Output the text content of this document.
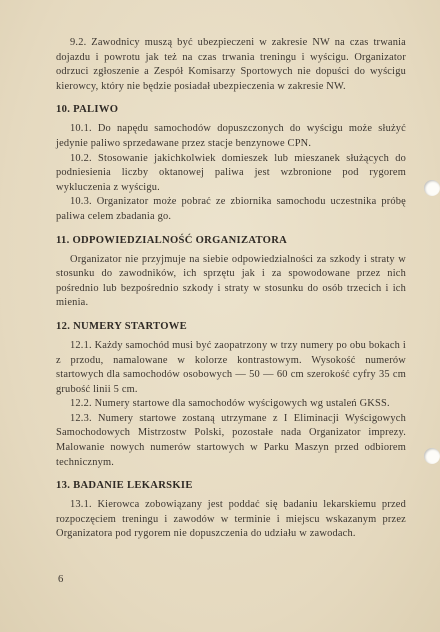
9.2. Zawodnicy muszą być ubezpieczeni w zakresie NW na czas trwania dojazdu i powrotu jak też na czas trwania treningu i wyścigu. Organizator odrzuci zgłoszenie a Zespół Komisarzy Sportowych nie dopuści do wyścigu kierowcy, który nie będzie posiadał ubezpieczenia w zakresie NW.

10. PALIWO

10.1. Do napędu samochodów dopuszczonych do wyścigu może służyć jedynie paliwo sprzedawane przez stacje benzynowe CPN.

10.2. Stosowanie jakichkolwiek domieszek lub mieszanek służących do podniesienia liczby oktanowej paliwa jest wzbronione pod rygorem wykluczenia z wyścigu.

10.3. Organizator może pobrać ze zbiornika samochodu uczestnika próbę paliwa celem zbadania go.

11. ODPOWIEDZIALNOŚĆ ORGANIZATORA

Organizator nie przyjmuje na siebie odpowiedzialności za szkody i straty w stosunku do zawodników, ich sprzętu jak i za spowodowane przez nich pośrednio lub bezpośrednio szkody i straty w stosunku do osób trzecich i ich mienia.

12. NUMERY STARTOWE

12.1. Każdy samochód musi być zaopatrzony w trzy numery po obu bokach i z przodu, namalowane w kolorze kontrastowym. Wysokość numerów startowych dla samochodów osobowych — 50 — 60 cm szerokość cyfry 35 cm grubość linii 5 cm.

12.2. Numery startowe dla samochodów wyścigowych wg ustaleń GKSS.

12.3. Numery startowe zostaną utrzymane z I Eliminacji Wyścigowych Samochodowych Mistrzostw Polski, pozostałe nada Organizator imprezy. Malowanie nowych numerów startowych w Parku Maszyn przed odbiorem technicznym.

13. BADANIE LEKARSKIE

13.1. Kierowca zobowiązany jest poddać się badaniu lekarskiemu przed rozpoczęciem treningu i zawodów w terminie i miejscu wskazanym przez Organizatora pod rygorem nie dopuszczenia do udziału w zawodach.

6
